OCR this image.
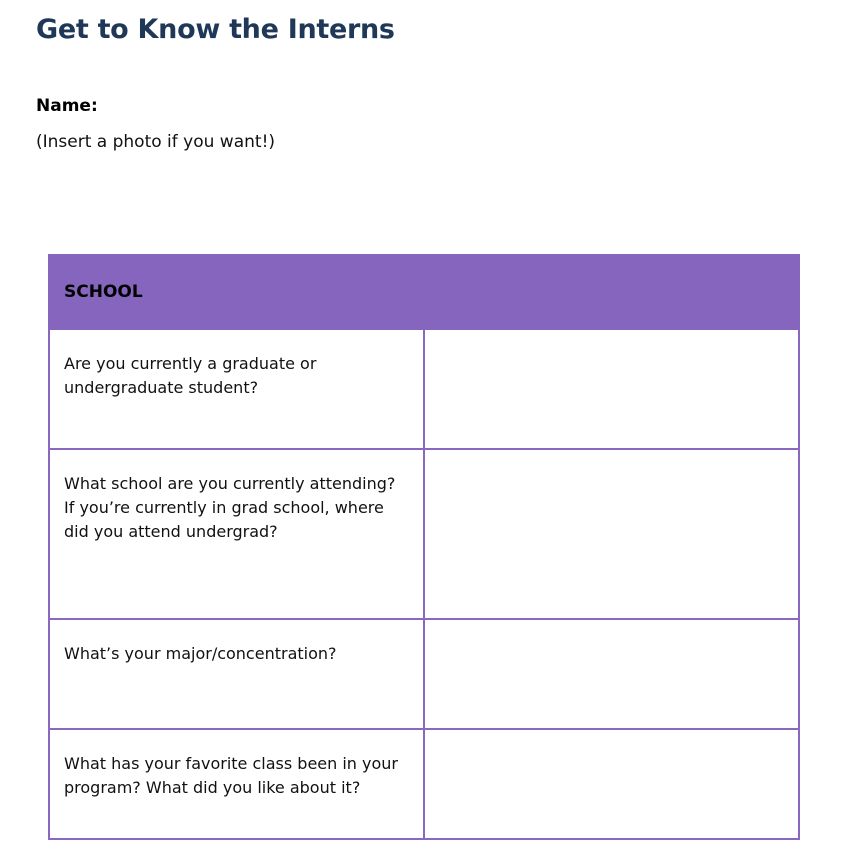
Get to Know the Interns
Name:
(Insert a photo if you want!)
SCHOOL	
Are you currently a graduate or undergraduate student?	
What school are you currently attending? If you’re currently in grad school, where did you attend undergrad?	
What’s your major/concentration?	
What has your favorite class been in your program? What did you like about it?	
